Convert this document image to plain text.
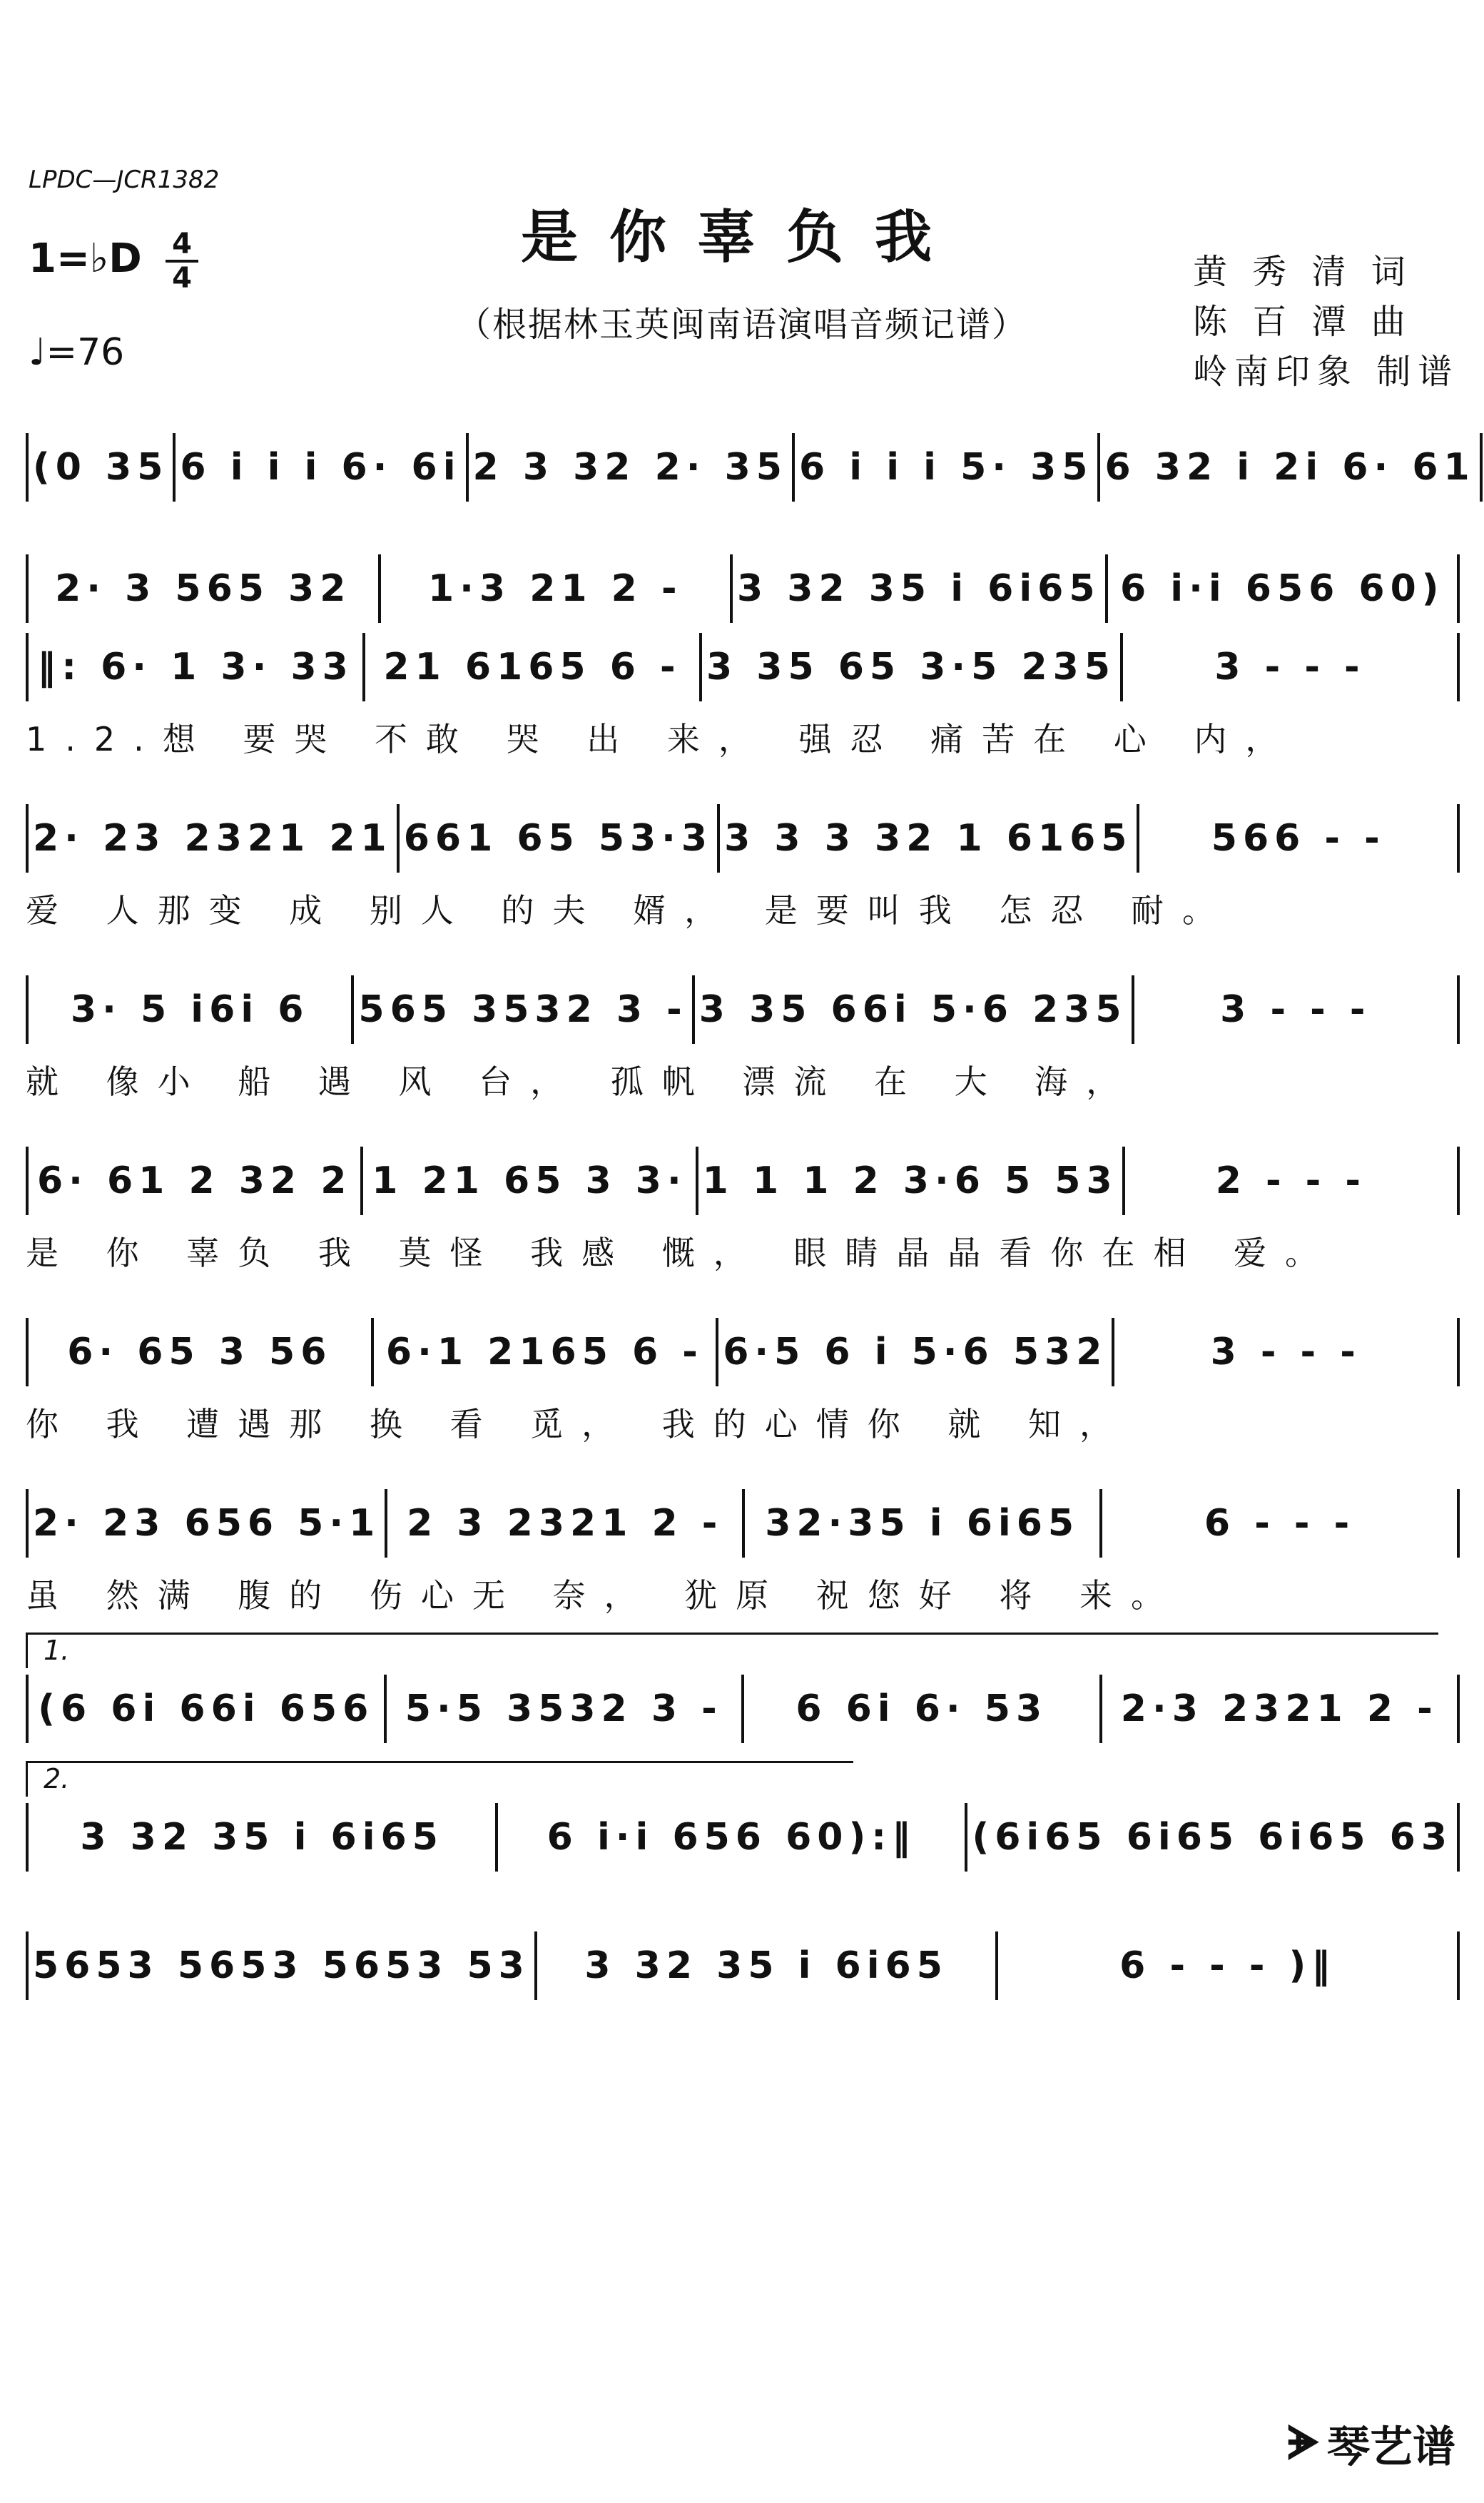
LPDC—JCR1382
是你辜负我
（根据林玉英闽南语演唱音频记谱）
1=♭D 4
4
♩ =76
黄 秀 清 词
陈 百 潭 曲
岭南印象 制谱
(0 35 6 i i i 6· 6i 2 3 32 2· 35 6 i i i 5· 35 6 32 i 2i 6· 61
2· 3 565 32	1·3 21 2 -	3 32 35 i 6i65 6 i·i 656 60)
‖: 6· 1 3· 33 21 6165 6 - 3 35 65 3·5 235	3 - - -
1.2.想 要哭 不敢 哭 出 来， 强忍 痛苦在 心 内，
2· 23 2321 21 661 65 53·3 3 3 3 32 1 6165	566 - -
爱 人那变 成 别人 的夫 婿， 是要叫我 怎忍 耐。
3· 5 i6i 6	565 3532 3 - 3 35 66i 5·6 235	3 - - -
就 像小 船 遇 风 台， 孤帆 漂流 在 大 海，
6· 61 2 32 2 1 21 65 3 3· 1 1 1 2 3·6 5 53	2 - - -
是 你 辜负 我 莫怪 我感 慨， 眼睛晶晶看你在相 爱。
6· 65 3 56	6·1 2165 6 - 6·5 6 i 5·6 532	3 - - -
你 我 遭遇那 换 看 觅， 我的心情你 就 知，
2· 23 656 5·1 2 3 2321 2 -	32·35 i 6i65	6 - - -
虽 然满 腹的 伤心无 奈， 犹原 祝您好 将 来。
1.
(6 6i 66i 656 5·5 3532 3 -	6 6i 6· 53	2·3 2321 2 -
2.
3 32 35 i 6i65	6 i·i 656 60):‖	(6i65 6i65 6i65 63
5653 5653 5653 53	3 32 35 i 6i65	6 - - - )‖
ᗘ 琴艺谱
